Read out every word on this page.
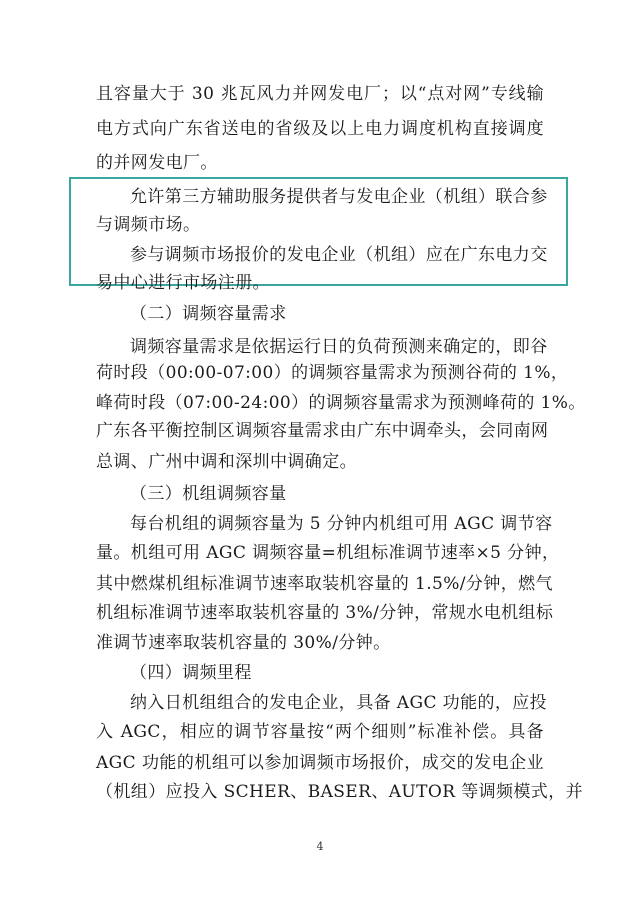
且容量大于 30 兆瓦风力并网发电厂；以“点对网”专线输
电方式向广东省送电的省级及以上电力调度机构直接调度
的并网发电厂。
允许第三方辅助服务提供者与发电企业（机组）联合参
与调频市场。
参与调频市场报价的发电企业（机组）应在广东电力交
易中心进行市场注册。
（二）调频容量需求
调频容量需求是依据运行日的负荷预测来确定的，即谷
荷时段（00:00-07:00）的调频容量需求为预测谷荷的 1%，
峰荷时段（07:00-24:00）的调频容量需求为预测峰荷的 1%。
广东各平衡控制区调频容量需求由广东中调牵头，会同南网
总调、广州中调和深圳中调确定。
（三）机组调频容量
每台机组的调频容量为 5 分钟内机组可用 AGC 调节容
量。机组可用 AGC 调频容量=机组标准调节速率×5 分钟，
其中燃煤机组标准调节速率取装机容量的 1.5%/分钟，燃气
机组标准调节速率取装机容量的 3%/分钟，常规水电机组标
准调节速率取装机容量的 30%/分钟。
（四）调频里程
纳入日机组组合的发电企业，具备 AGC 功能的，应投
入 AGC，相应的调节容量按“两个细则”标准补偿。具备
AGC 功能的机组可以参加调频市场报价，成交的发电企业
（机组）应投入 SCHER、BASER、AUTOR 等调频模式，并
4
